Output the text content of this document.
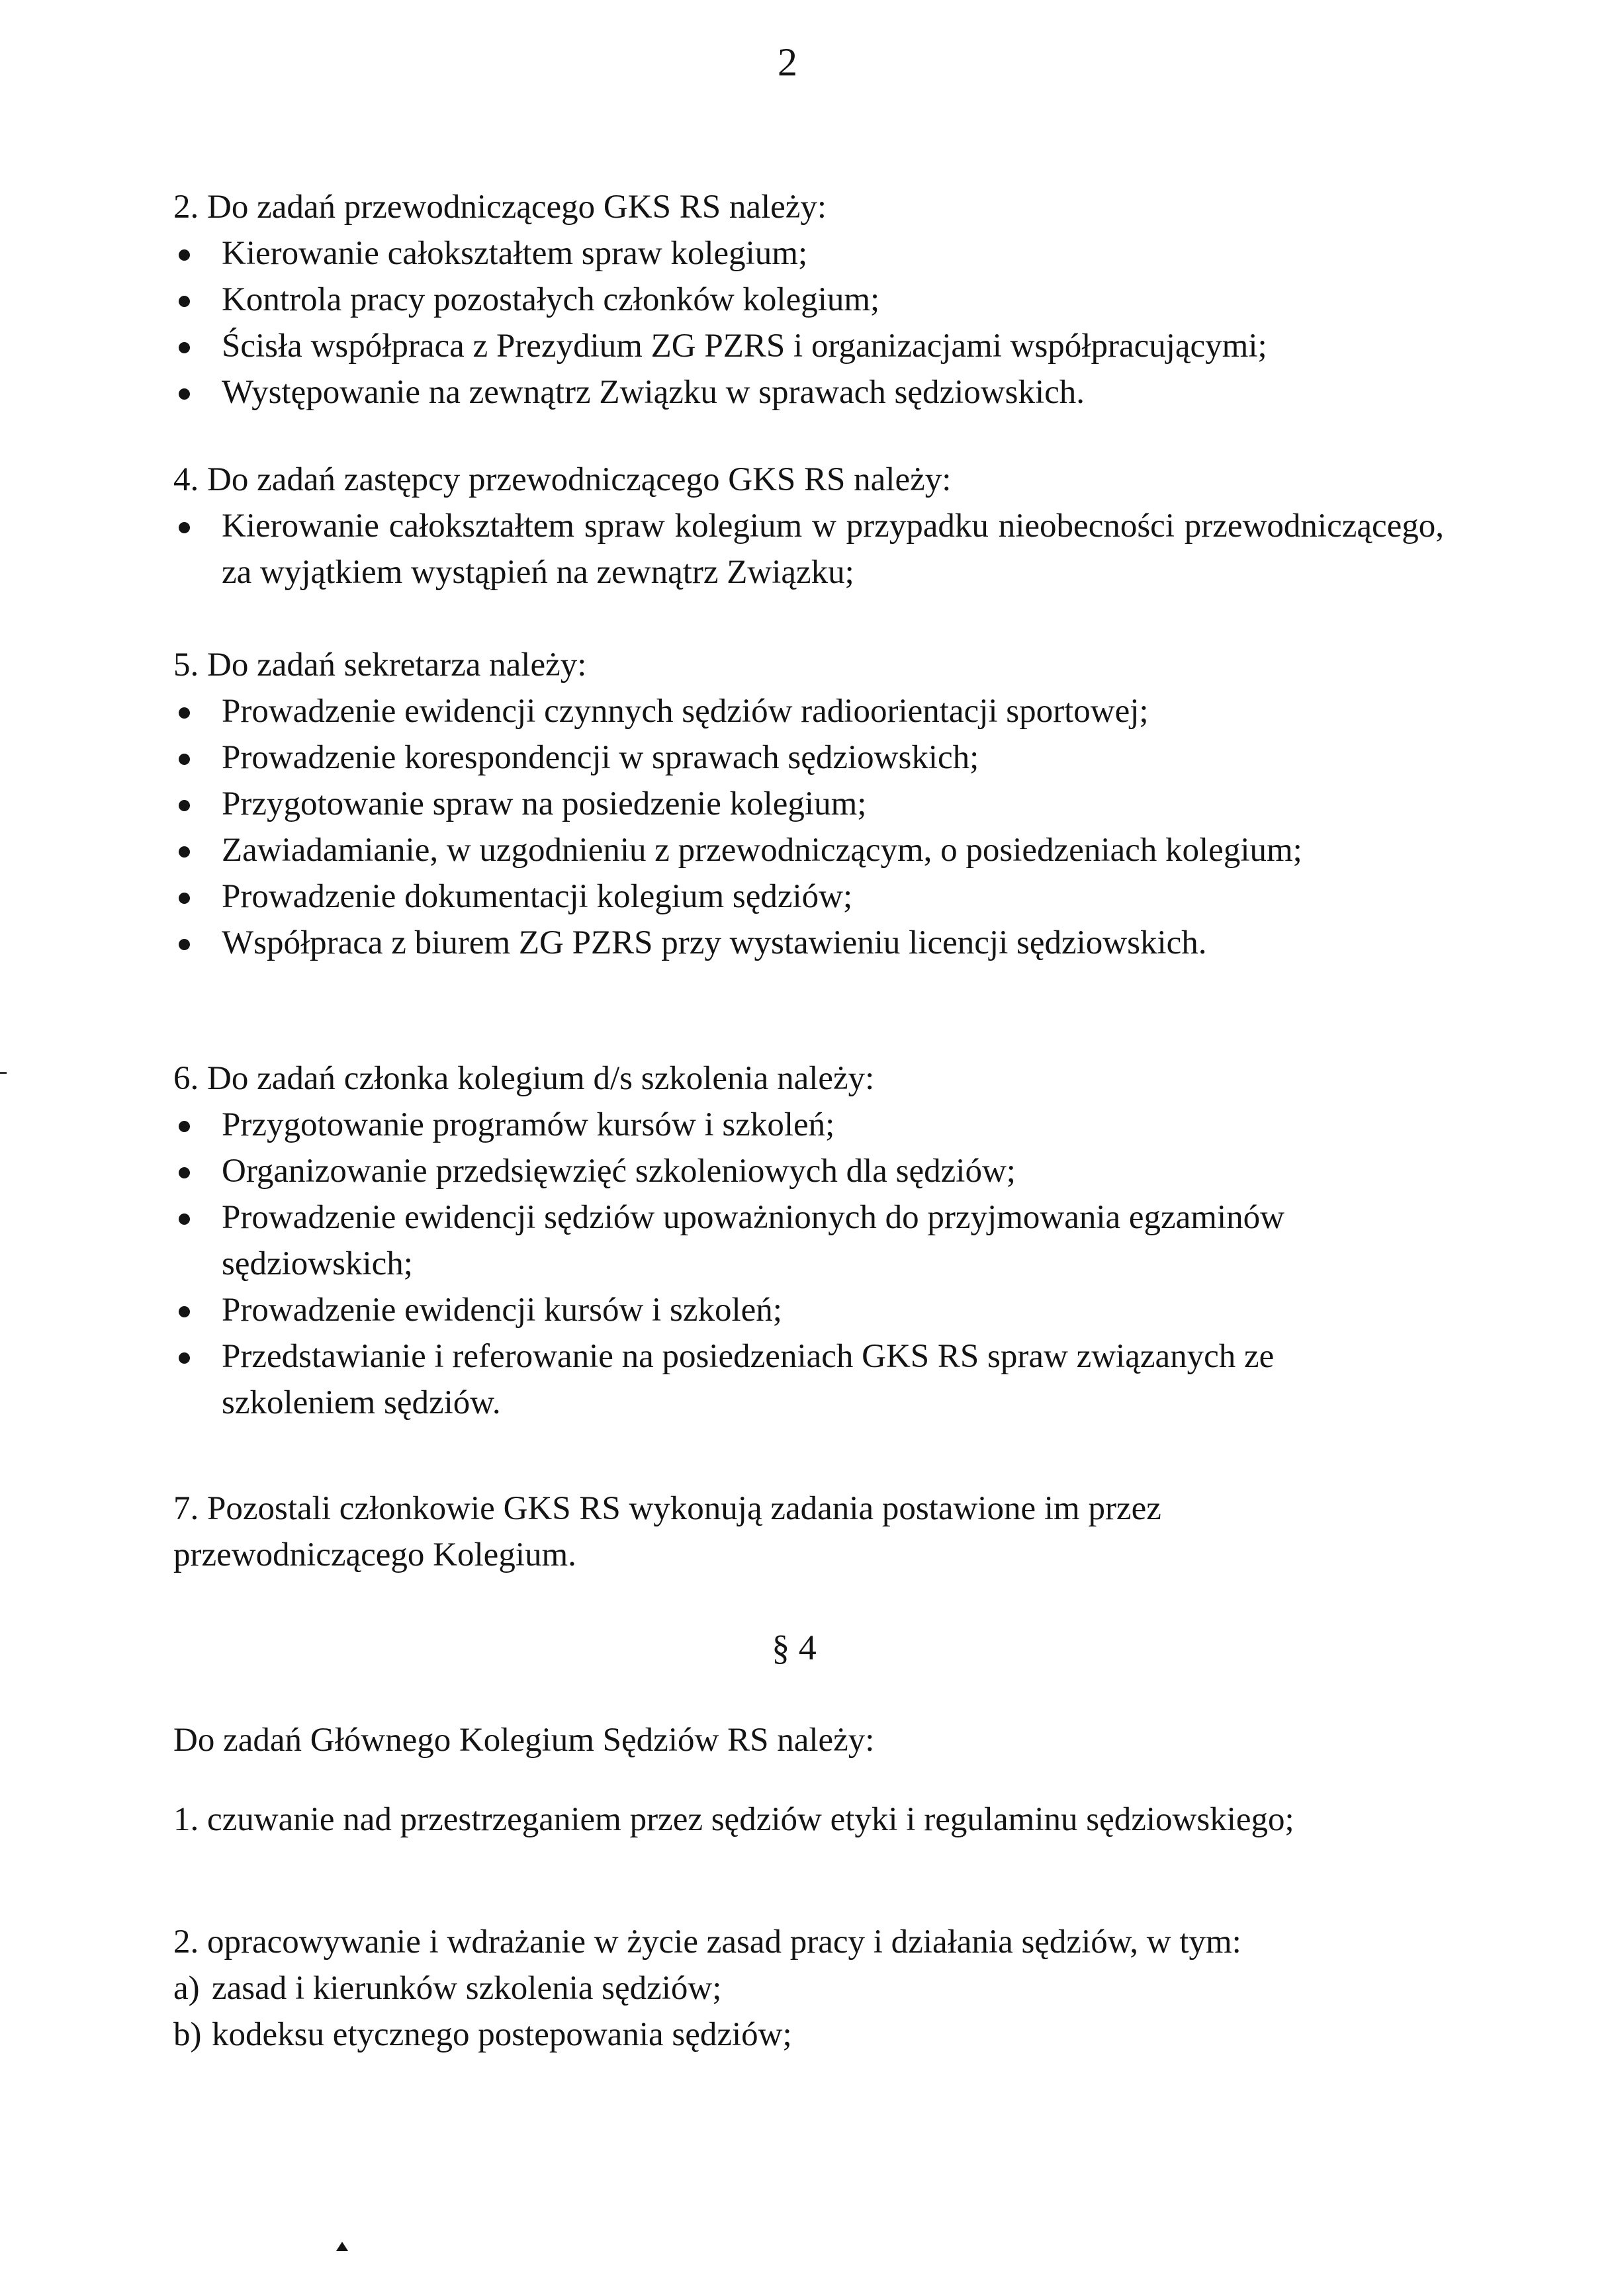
2
2. Do zadań przewodniczącego GKS RS należy:
Kierowanie całokształtem spraw kolegium;
Kontrola pracy pozostałych członków kolegium;
Ścisła współpraca z Prezydium ZG PZRS i organizacjami współpracującymi;
Występowanie na zewnątrz Związku w sprawach sędziowskich.
4. Do zadań zastępcy przewodniczącego GKS RS należy:
Kierowanie całokształtem spraw kolegium w przypadku nieobecności przewodniczącego, za wyjątkiem wystąpień na zewnątrz Związku;
5. Do zadań sekretarza należy:
Prowadzenie ewidencji czynnych sędziów radioorientacji sportowej;
Prowadzenie korespondencji w sprawach sędziowskich;
Przygotowanie spraw na posiedzenie kolegium;
Zawiadamianie, w uzgodnieniu z przewodniczącym, o posiedzeniach kolegium;
Prowadzenie dokumentacji kolegium sędziów;
Współpraca z biurem ZG PZRS przy wystawieniu licencji sędziowskich.
6. Do zadań członka kolegium d/s szkolenia należy:
Przygotowanie programów kursów i szkoleń;
Organizowanie przedsięwzięć szkoleniowych dla sędziów;
Prowadzenie ewidencji sędziów upoważnionych do przyjmowania egzaminów sędziowskich;
Prowadzenie ewidencji kursów i szkoleń;
Przedstawianie i referowanie na posiedzeniach GKS RS spraw związanych ze szkoleniem sędziów.
7. Pozostali członkowie GKS RS wykonują zadania postawione im przez przewodniczącego Kolegium.
§ 4
Do zadań Głównego Kolegium Sędziów RS należy:
1. czuwanie nad przestrzeganiem przez sędziów etyki i regulaminu sędziowskiego;
2. opracowywanie i wdrażanie w życie zasad pracy i działania sędziów, w tym:
a) zasad i kierunków szkolenia sędziów;
b) kodeksu etycznego postepowania sędziów;
